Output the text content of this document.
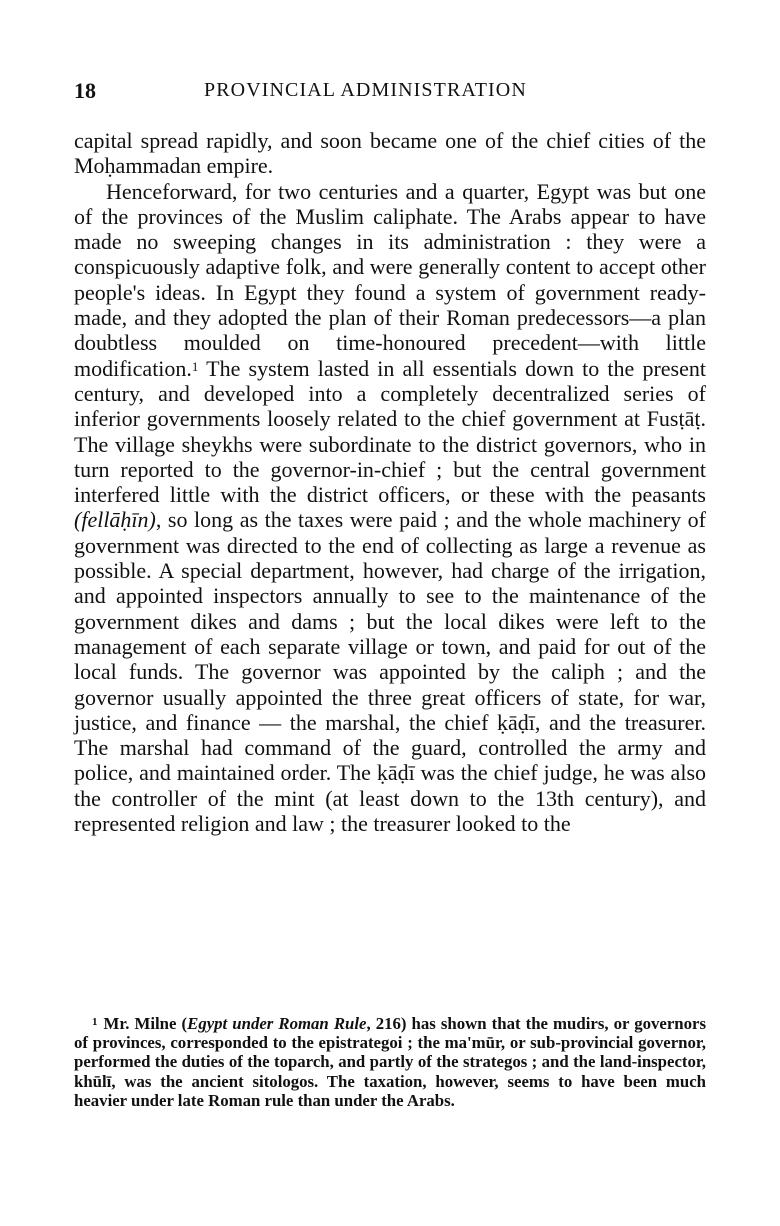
18	PROVINCIAL ADMINISTRATION

capital spread rapidly, and soon became one of the chief cities of the Moḥammadan empire.

Henceforward, for two centuries and a quarter, Egypt was but one of the provinces of the Muslim caliphate. The Arabs appear to have made no sweeping changes in its administration : they were a conspicuously adaptive folk, and were generally content to accept other people's ideas. In Egypt they found a system of government ready-made, and they adopted the plan of their Roman predecessors—a plan doubtless moulded on time-honoured precedent—with little modification.$^1$ The system lasted in all essentials down to the present century, and developed into a completely decentralized series of inferior governments loosely related to the chief government at Fusṭāṭ. The village sheykhs were subordinate to the district governors, who in turn reported to the governor-in-chief ; but the central government interfered little with the district officers, or these with the peasants (fellāḥīn), so long as the taxes were paid ; and the whole machinery of government was directed to the end of collecting as large a revenue as possible. A special department, however, had charge of the irrigation, and appointed inspectors annually to see to the maintenance of the government dikes and dams ; but the local dikes were left to the management of each separate village or town, and paid for out of the local funds. The governor was appointed by the caliph ; and the governor usually appointed the three great officers of state, for war, justice, and finance — the marshal, the chief ḳāḍī, and the treasurer. The marshal had command of the guard, controlled the army and police, and maintained order. The ḳāḍī was the chief judge, he was also the controller of the mint (at least down to the 13th century), and represented religion and law ; the treasurer looked to the

$^1$ Mr. Milne (Egypt under Roman Rule, 216) has shown that the mudirs, or governors of provinces, corresponded to the epistrategoi ; the ma'mūr, or sub-provincial governor, performed the duties of the toparch, and partly of the strategos ; and the land-inspector, khūlī, was the ancient sitologos. The taxation, however, seems to have been much heavier under late Roman rule than under the Arabs.
